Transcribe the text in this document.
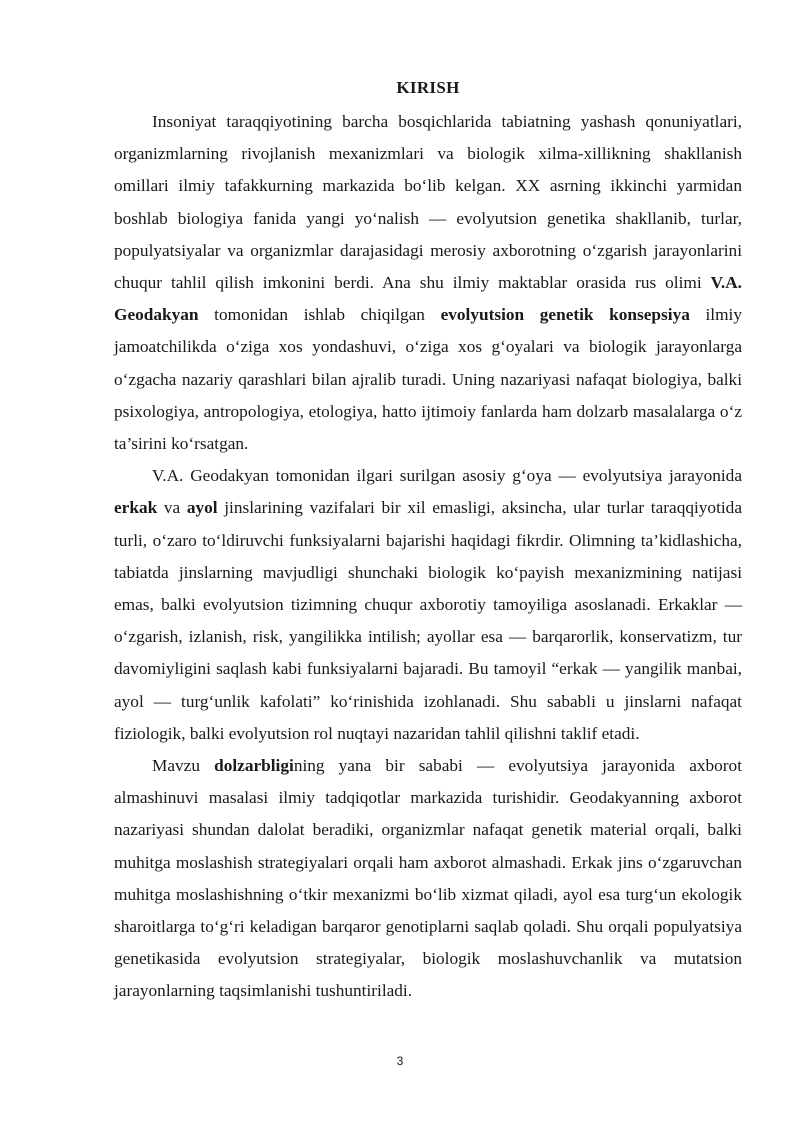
KIRISH

Insoniyat taraqqiyotining barcha bosqichlarida tabiatning yashash qonuniyatlari, organizmlarning rivojlanish mexanizmlari va biologik xilma-xillikning shakllanish omillari ilmiy tafakkurning markazida bo‘lib kelgan. XX asrning ikkinchi yarmidan boshlab biologiya fanida yangi yo‘nalish — evolyutsion genetika shakllanib, turlar, populyatsiyalar va organizmlar darajasidagi merosiy axborotning o‘zgarish jarayonlarini chuqur tahlil qilish imkonini berdi. Ana shu ilmiy maktablar orasida rus olimi V.A. Geodakyan tomonidan ishlab chiqilgan evolyutsion genetik konsepsiya ilmiy jamoatchilikda o‘ziga xos yondashuvi, o‘ziga xos g‘oyalari va biologik jarayonlarga o‘zgacha nazariy qarashlari bilan ajralib turadi. Uning nazariyasi nafaqat biologiya, balki psixologiya, antropologiya, etologiya, hatto ijtimoiy fanlarda ham dolzarb masalalarga o‘z ta’sirini ko‘rsatgan.

V.A. Geodakyan tomonidan ilgari surilgan asosiy g‘oya — evolyutsiya jarayonida erkak va ayol jinslarining vazifalari bir xil emasligi, aksincha, ular turlar taraqqiyotida turli, o‘zaro to‘ldiruvchi funksiyalarni bajarishi haqidagi fikrdir. Olimning ta’kidlashicha, tabiatda jinslarning mavjudligi shunchaki biologik ko‘payish mexanizmining natijasi emas, balki evolyutsion tizimning chuqur axborotiy tamoyiliga asoslanadi. Erkaklar — o‘zgarish, izlanish, risk, yangilikka intilish; ayollar esa — barqarorlik, konservatizm, tur davomiyligini saqlash kabi funksiyalarni bajaradi. Bu tamoyil “erkak — yangilik manbai, ayol — turg‘unlik kafolati” ko‘rinishida izohlanadi. Shu sababli u jinslarni nafaqat fiziologik, balki evolyutsion rol nuqtayi nazaridan tahlil qilishni taklif etadi.

Mavzu dolzarbligining yana bir sababi — evolyutsiya jarayonida axborot almashinuvi masalasi ilmiy tadqiqotlar markazida turishidir. Geodakyanning axborot nazariyasi shundan dalolat beradiki, organizmlar nafaqat genetik material orqali, balki muhitga moslashish strategiyalari orqali ham axborot almashadi. Erkak jins o‘zgaruvchan muhitga moslashishning o‘tkir mexanizmi bo‘lib xizmat qiladi, ayol esa turg‘un ekologik sharoitlarga to‘g‘ri keladigan barqaror genotiplarni saqlab qoladi. Shu orqali populyatsiya genetikasida evolyutsion strategiyalar, biologik moslashuvchanlik va mutatsion jarayonlarning taqsimlanishi tushuntiriladi.

3
